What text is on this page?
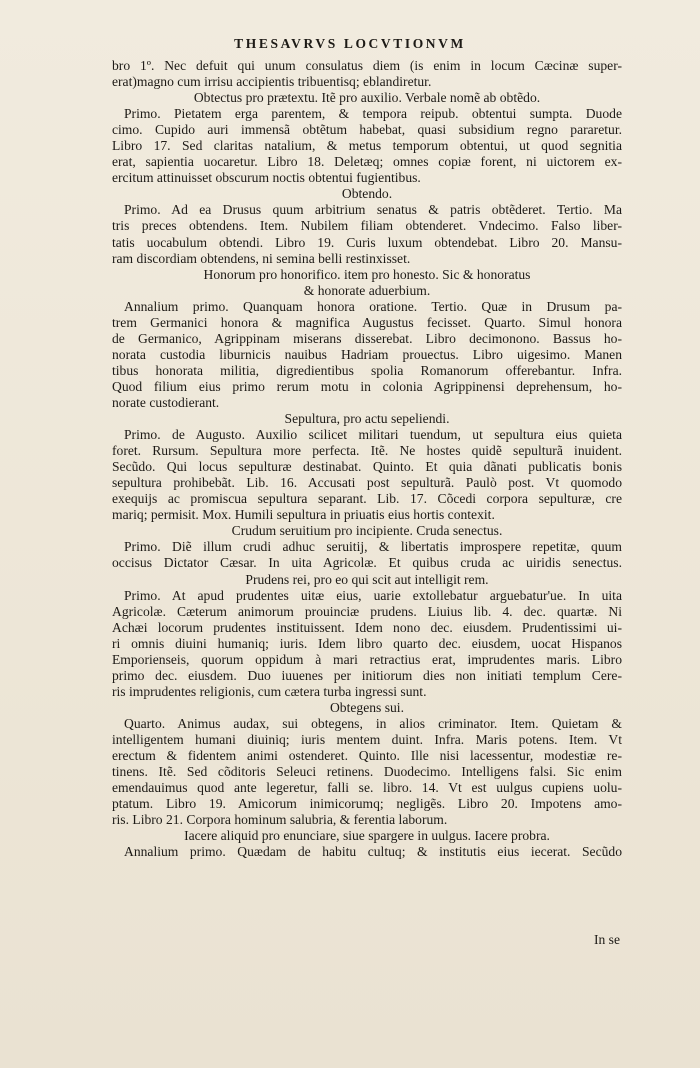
THESAVRVS LOCVTIONVM
bro 1º. Nec defuit qui unum consulatus diem (is enim in locum Cæcinæ super-
erat)magno cum irrisu accipientis tribuentisq; eblandiretur.
Obtectus pro prætextu. Itẽ pro auxilio. Verbale nomẽ ab obtẽdo.
Primo. Pietatem erga parentem, & tempora reipub. obtentui sumpta. Duode
cimo. Cupido auri immensã obtẽtum habebat, quasi subsidium regno pararetur.
Libro 17. Sed claritas natalium, & metus temporum obtentui, ut quod segnitia
erat, sapientia uocaretur. Libro 18. Deletæq; omnes copiæ forent, ni uictorem ex-
ercitum attinuisset obscurum noctis obtentui fugientibus.
Obtendo.
Primo. Ad ea Drusus quum arbitrium senatus & patris obtẽderet. Tertio. Ma
tris preces obtendens. Item. Nubilem filiam obtenderet. Vndecimo. Falso liber-
tatis uocabulum obtendi. Libro 19. Curis luxum obtendebat. Libro 20. Mansu-
ram discordiam obtendens, ni semina belli restinxisset.
Honorum pro honorifico. item pro honesto. Sic & honoratus
& honorate aduerbium.
Annalium primo. Quanquam honora oratione. Tertio. Quæ in Drusum pa-
trem Germanici honora & magnifica Augustus fecisset. Quarto. Simul honora
de Germanico, Agrippinam miserans disserebat. Libro decimonono. Bassus ho-
norata custodia liburnicis nauibus Hadriam prouectus. Libro uigesimo. Manen
tibus honorata militia, digredientibus spolia Romanorum offerebantur. Infra.
Quod filium eius primo rerum motu in colonia Agrippinensi deprehensum, ho-
norate custodierant.
Sepultura, pro actu sepeliendi.
Primo. de Augusto. Auxilio scilicet militari tuendum, ut sepultura eius quieta
foret. Rursum. Sepultura more perfecta. Itẽ. Ne hostes quidẽ sepulturã inuident.
Secũdo. Qui locus sepulturæ destinabat. Quinto. Et quia dãnati publicatis bonis
sepultura prohibebãt. Lib. 16. Accusati post sepulturã. Paulò post. Vt quomodo
exequijs ac promiscua sepultura separant. Lib. 17. Cõcedi corpora sepulturæ, cre
mariq; permisit. Mox. Humili sepultura in priuatis eius hortis contexit.
Crudum seruitium pro incipiente. Cruda senectus.
Primo. Diẽ illum crudi adhuc seruitij, & libertatis improspere repetitæ, quum
occisus Dictator Cæsar. In uita Agricolæ. Et quibus cruda ac uiridis senectus.
Prudens rei, pro eo qui scit aut intelligit rem.
Primo. At apud prudentes uitæ eius, uarie extollebatur arguebatur'ue. In uita
Agricolæ. Cæterum animorum prouinciæ prudens. Liuius lib. 4. dec. quartæ. Ni
Achæi locorum prudentes instituissent. Idem nono dec. eiusdem. Prudentissimi ui-
ri omnis diuini humaniq; iuris. Idem libro quarto dec. eiusdem, uocat Hispanos
Emporienseis, quorum oppidum à mari retractius erat, imprudentes maris. Libro
primo dec. eiusdem. Duo iuuenes per initiorum dies non initiati templum Cere-
ris imprudentes religionis, cum cætera turba ingressi sunt.
Obtegens sui.
Quarto. Animus audax, sui obtegens, in alios criminator. Item. Quietam &
intelligentem humani diuiniq; iuris mentem duint. Infra. Maris potens. Item. Vt
erectum & fidentem animi ostenderet. Quinto. Ille nisi lacessentur, modestiæ re-
tinens. Itẽ. Sed cõditoris Seleuci retinens. Duodecimo. Intelligens falsi. Sic enim
emendauimus quod ante legeretur, falli se. libro. 14. Vt est uulgus cupiens uolu-
ptatum. Libro 19. Amicorum inimicorumq; negligẽs. Libro 20. Impotens amo-
ris. Libro 21. Corpora hominum salubria, & ferentia laborum.
Iacere aliquid pro enunciare, siue spargere in uulgus. Iacere probra.
Annalium primo. Quædam de habitu cultuq; & institutis eius iecerat. Secũdo
In se
